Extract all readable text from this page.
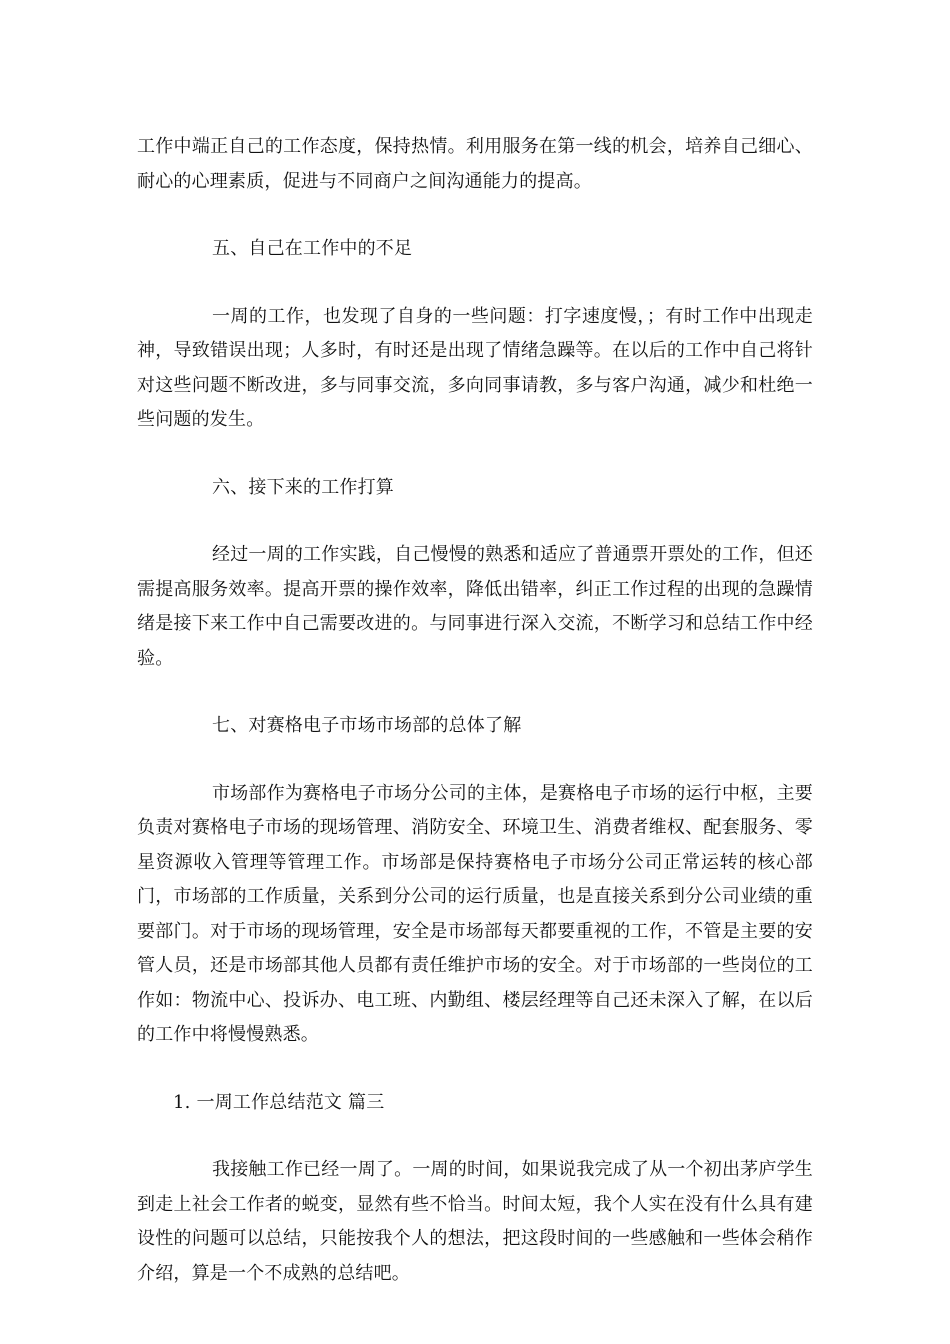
工作中端正自己的工作态度，保持热情。利用服务在第一线的机会，培养自己细心、耐心的心理素质，促进与不同商户之间沟通能力的提高。

五、自己在工作中的不足

一周的工作，也发现了自身的一些问题：打字速度慢，；有时工作中出现走神，导致错误出现；人多时，有时还是出现了情绪急躁等。在以后的工作中自己将针对这些问题不断改进，多与同事交流，多向同事请教，多与客户沟通，减少和杜绝一些问题的发生。

六、接下来的工作打算

经过一周的工作实践，自己慢慢的熟悉和适应了普通票开票处的工作，但还需提高服务效率。提高开票的操作效率，降低出错率，纠正工作过程的出现的急躁情绪是接下来工作中自己需要改进的。与同事进行深入交流，不断学习和总结工作中经验。

七、对赛格电子市场市场部的总体了解

市场部作为赛格电子市场分公司的主体，是赛格电子市场的运行中枢，主要负责对赛格电子市场的现场管理、消防安全、环境卫生、消费者维权、配套服务、零星资源收入管理等管理工作。市场部是保持赛格电子市场分公司正常运转的核心部门，市场部的工作质量，关系到分公司的运行质量，也是直接关系到分公司业绩的重要部门。对于市场的现场管理，安全是市场部每天都要重视的工作，不管是主要的安管人员，还是市场部其他人员都有责任维护市场的安全。对于市场部的一些岗位的工作如：物流中心、投诉办、电工班、内勤组、楼层经理等自己还未深入了解，在以后的工作中将慢慢熟悉。

1. 一周工作总结范文 篇三

我接触工作已经一周了。一周的时间，如果说我完成了从一个初出茅庐学生到走上社会工作者的蜕变，显然有些不恰当。时间太短，我个人实在没有什么具有建设性的问题可以总结，只能按我个人的想法，把这段时间的一些感触和一些体会稍作介绍，算是一个不成熟的总结吧。
